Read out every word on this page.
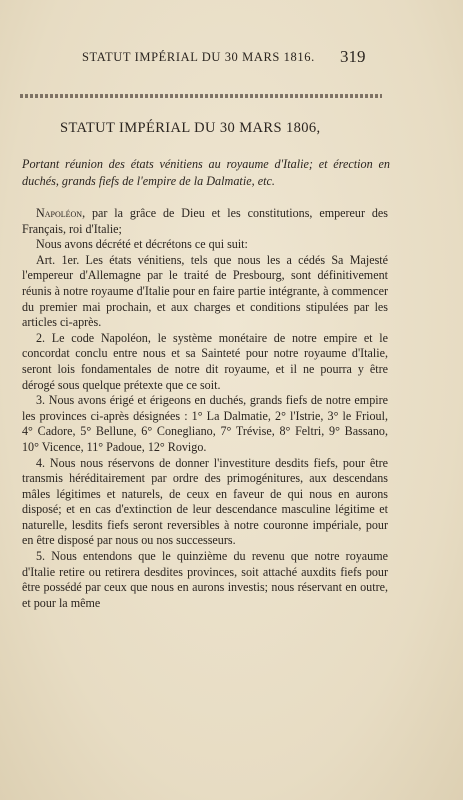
STATUT IMPÉRIAL DU 30 MARS 1816.	319
STATUT IMPÉRIAL DU 30 MARS 1806,
Portant réunion des états vénitiens au royaume d'Italie; et érection en duchés, grands fiefs de l'empire de la Dalmatie, etc.

Napoléon, par la grâce de Dieu et les constitutions, empereur des Français, roi d'Italie;

Nous avons décrété et décrétons ce qui suit:

Art. 1er. Les états vénitiens, tels que nous les a cédés Sa Majesté l'empereur d'Allemagne par le traité de Presbourg, sont définitivement réunis à notre royaume d'Italie pour en faire partie intégrante, à commencer du premier mai prochain, et aux charges et conditions stipulées par les articles ci-après.

2. Le code Napoléon, le système monétaire de notre empire et le concordat conclu entre nous et sa Sainteté pour notre royaume d'Italie, seront lois fondamentales de notre dit royaume, et il ne pourra y être dérogé sous quelque prétexte que ce soit.

3. Nous avons érigé et érigeons en duchés, grands fiefs de notre empire les provinces ci-après désignées : 1° La Dalmatie, 2° l'Istrie, 3° le Frioul, 4° Cadore, 5° Bellune, 6° Conegliano, 7° Trévise, 8° Feltri, 9° Bassano, 10° Vicence, 11° Padoue, 12° Rovigo.

4. Nous nous réservons de donner l'investiture desdits fiefs, pour être transmis héréditairement par ordre des primogénitures, aux descendans mâles légitimes et naturels, de ceux en faveur de qui nous en aurons disposé; et en cas d'extinction de leur descendance masculine légitime et naturelle, lesdits fiefs seront reversibles à notre couronne impériale, pour en être disposé par nous ou nos successeurs.

5. Nous entendons que le quinzième du revenu que notre royaume d'Italie retire ou retirera desdites provinces, soit attaché auxdits fiefs pour être possédé par ceux que nous en aurons investis; nous réservant en outre, et pour la même
